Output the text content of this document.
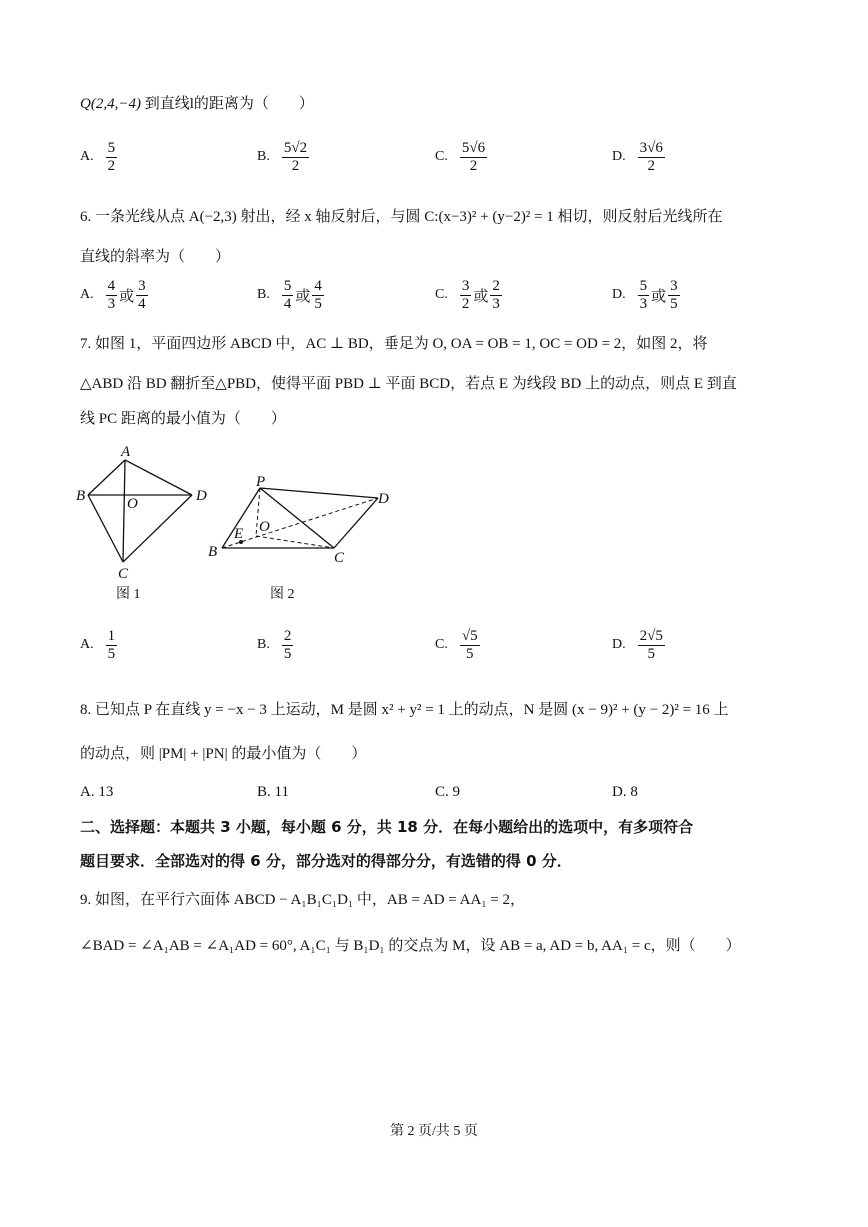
Q(2,4,−4) 到直线l的距离为（　　）
A. $\frac{5}{2}$	B. $\frac{5√2}{2}$	C. $\frac{5√6}{2}$	D. $\frac{3√6}{2}$
6. 一条光线从点 A(−2,3) 射出，经 x 轴反射后，与圆 C:(x−3)² + (y−2)² = 1 相切，则反射后光线所在
直线的斜率为（　　）
A. $\frac{4}{3}$ 或 $\frac{3}{4}$	B. $\frac{5}{4}$ 或 $\frac{4}{5}$	C. $\frac{3}{2}$ 或 $\frac{2}{3}$	D. $\frac{5}{3}$ 或 $\frac{3}{5}$
7. 如图 1，平面四边形 ABCD 中，AC ⊥ BD，垂足为 O, OA = OB = 1, OC = OD = 2，如图 2，将
△ABD 沿 BD 翻折至△PBD，使得平面 PBD ⊥ 平面 BCD，若点 E 为线段 BD 上的动点，则点 E 到直
线 PC 距离的最小值为（　　）
A
B	D
O
C
图 1
P
B	C
D
O
E
图 2
A. $\frac{1}{5}$	B. $\frac{2}{5}$	C. $\frac{√5}{5}$	D. $\frac{2√5}{5}$
8. 已知点 P 在直线 y = −x − 3 上运动，M 是圆 x² + y² = 1 上的动点，N 是圆 (x − 9)² + (y − 2)² = 16 上
的动点，则 |PM| + |PN| 的最小值为（　　）
A. 13	B. 11	C. 9	D. 8
二、选择题：本题共 3 小题，每小题 6 分，共 18 分．在每小题给出的选项中，有多项符合
题目要求．全部选对的得 6 分，部分选对的得部分分，有选错的得 0 分．
9. 如图，在平行六面体 ABCD − A₁B₁C₁D₁ 中，AB = AD = AA₁ = 2，
∠BAD = ∠A₁AB = ∠A₁AD = 60°, A₁C₁ 与 B₁D₁ 的交点为 M，设 AB = a, AD = b, AA₁ = c，则（　　）
第 2 页/共 5 页
